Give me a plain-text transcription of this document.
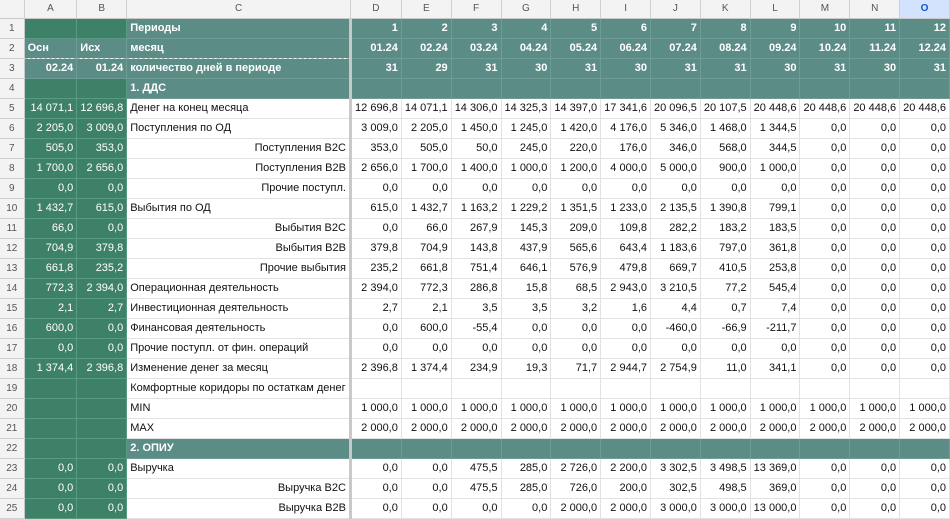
	A	B	C	D	E	F	G	H	I	J	K	L	M	N	O
1			Периоды	1	2	3	4	5	6	7	8	9	10	11	12
2	Осн	Исх	месяц	01.24	02.24	03.24	04.24	05.24	06.24	07.24	08.24	09.24	10.24	11.24	12.24
3	02.24	01.24	количество дней в периоде	31	29	31	30	31	30	31	31	30	31	30	31
4			1. ДДС												
5	14 071,1	12 696,8	Денег на конец месяца	12 696,8	14 071,1	14 306,0	14 325,3	14 397,0	17 341,6	20 096,5	20 107,5	20 448,6	20 448,6	20 448,6	20 448,6
6	2 205,0	3 009,0	Поступления по ОД	3 009,0	2 205,0	1 450,0	1 245,0	1 420,0	4 176,0	5 346,0	1 468,0	1 344,5	0,0	0,0	0,0
7	505,0	353,0	Поступления B2C	353,0	505,0	50,0	245,0	220,0	176,0	346,0	568,0	344,5	0,0	0,0	0,0
8	1 700,0	2 656,0	Поступления B2B	2 656,0	1 700,0	1 400,0	1 000,0	1 200,0	4 000,0	5 000,0	900,0	1 000,0	0,0	0,0	0,0
9	0,0	0,0	Прочие поступл.	0,0	0,0	0,0	0,0	0,0	0,0	0,0	0,0	0,0	0,0	0,0	0,0
10	1 432,7	615,0	Выбытия по ОД	615,0	1 432,7	1 163,2	1 229,2	1 351,5	1 233,0	2 135,5	1 390,8	799,1	0,0	0,0	0,0
11	66,0	0,0	Выбытия B2C	0,0	66,0	267,9	145,3	209,0	109,8	282,2	183,2	183,5	0,0	0,0	0,0
12	704,9	379,8	Выбытия B2B	379,8	704,9	143,8	437,9	565,6	643,4	1 183,6	797,0	361,8	0,0	0,0	0,0
13	661,8	235,2	Прочие выбытия	235,2	661,8	751,4	646,1	576,9	479,8	669,7	410,5	253,8	0,0	0,0	0,0
14	772,3	2 394,0	Операционная деятельность	2 394,0	772,3	286,8	15,8	68,5	2 943,0	3 210,5	77,2	545,4	0,0	0,0	0,0
15	2,1	2,7	Инвестиционная деятельность	2,7	2,1	3,5	3,5	3,2	1,6	4,4	0,7	7,4	0,0	0,0	0,0
16	600,0	0,0	Финансовая деятельность	0,0	600,0	-55,4	0,0	0,0	0,0	-460,0	-66,9	-211,7	0,0	0,0	0,0
17	0,0	0,0	Прочие поступл. от фин. операций	0,0	0,0	0,0	0,0	0,0	0,0	0,0	0,0	0,0	0,0	0,0	0,0
18	1 374,4	2 396,8	Изменение денег за месяц	2 396,8	1 374,4	234,9	19,3	71,7	2 944,7	2 754,9	11,0	341,1	0,0	0,0	0,0
19			Комфортные коридоры по остаткам денег												
20			MIN	1 000,0	1 000,0	1 000,0	1 000,0	1 000,0	1 000,0	1 000,0	1 000,0	1 000,0	1 000,0	1 000,0	1 000,0
21			MAX	2 000,0	2 000,0	2 000,0	2 000,0	2 000,0	2 000,0	2 000,0	2 000,0	2 000,0	2 000,0	2 000,0	2 000,0
22			2. ОПИУ												
23	0,0	0,0	Выручка	0,0	0,0	475,5	285,0	2 726,0	2 200,0	3 302,5	3 498,5	13 369,0	0,0	0,0	0,0
24	0,0	0,0	Выручка B2C	0,0	0,0	475,5	285,0	726,0	200,0	302,5	498,5	369,0	0,0	0,0	0,0
25	0,0	0,0	Выручка B2B	0,0	0,0	0,0	0,0	2 000,0	2 000,0	3 000,0	3 000,0	13 000,0	0,0	0,0	0,0
